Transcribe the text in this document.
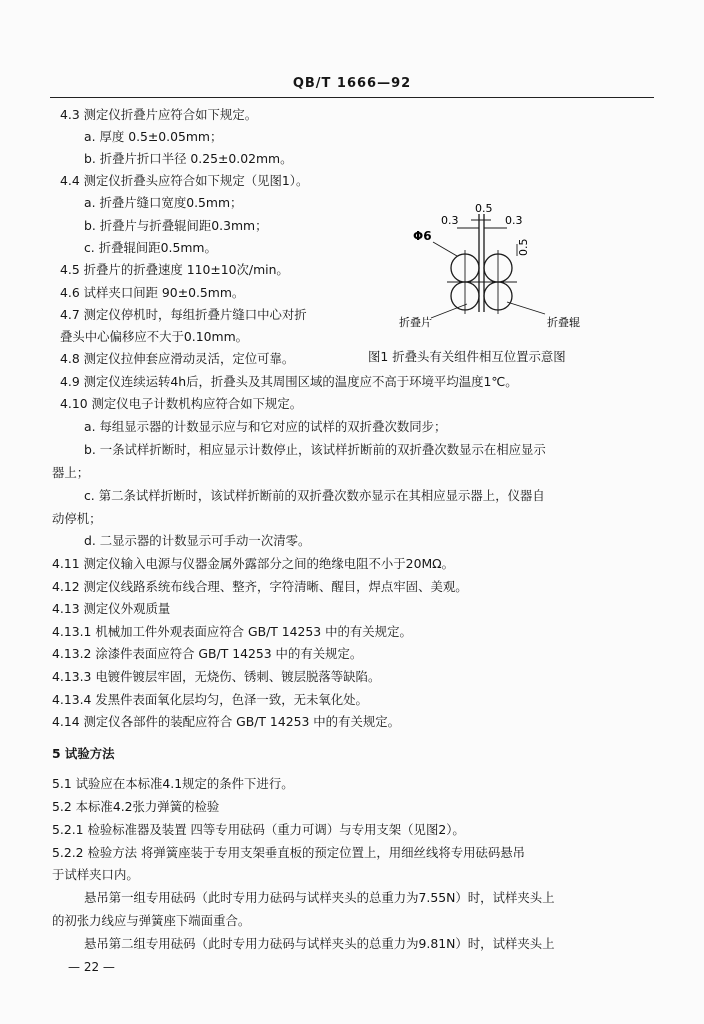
QB/T 1666—92
4.3 测定仪折叠片应符合如下规定。
a. 厚度 0.5±0.05mm；
b. 折叠片折口半径 0.25±0.02mm。
4.4 测定仪折叠头应符合如下规定（见图1）。
a. 折叠片缝口宽度0.5mm；
b. 折叠片与折叠辊间距0.3mm；
c. 折叠辊间距0.5mm。
4.5 折叠片的折叠速度 110±10次/min。
4.6 试样夹口间距 90±0.5mm。
4.7 测定仪停机时，每组折叠片缝口中心对折
叠头中心偏移应不大于0.10mm。
4.8 测定仪拉伸套应滑动灵活，定位可靠。
4.9 测定仪连续运转4h后，折叠头及其周围区域的温度应不高于环境平均温度1℃。
4.10 测定仪电子计数机构应符合如下规定。
a. 每组显示器的计数显示应与和它对应的试样的双折叠次数同步；
b. 一条试样折断时，相应显示计数停止，该试样折断前的双折叠次数显示在相应显示
器上；
c. 第二条试样折断时，该试样折断前的双折叠次数亦显示在其相应显示器上，仪器自
动停机；
d. 二显示器的计数显示可手动一次清零。
4.11 测定仪输入电源与仪器金属外露部分之间的绝缘电阻不小于20MΩ。
4.12 测定仪线路系统布线合理、整齐，字符清晰、醒目，焊点牢固、美观。
4.13 测定仪外观质量
4.13.1 机械加工件外观表面应符合 GB/T 14253 中的有关规定。
4.13.2 涂漆件表面应符合 GB/T 14253 中的有关规定。
4.13.3 电镀件镀层牢固，无烧伤、锈刺、镀层脱落等缺陷。
4.13.4 发黑件表面氧化层均匀，色泽一致，无未氧化处。
4.14 测定仪各部件的装配应符合 GB/T 14253 中的有关规定。
5 试验方法
5.1 试验应在本标准4.1规定的条件下进行。
5.2 本标准4.2张力弹簧的检验
5.2.1 检验标准器及装置 四等专用砝码（重力可调）与专用支架（见图2）。
5.2.2 检验方法 将弹簧座装于专用支架垂直板的预定位置上，用细丝线将专用砝码悬吊
于试样夹口内。
悬吊第一组专用砝码（此时专用力砝码与试样夹头的总重力为7.55N）时，试样夹头上
的初张力线应与弹簧座下端面重合。
悬吊第二组专用砝码（此时专用力砝码与试样夹头的总重力为9.81N）时，试样夹头上
0.5
0.3	0.3
0.5
Φ6
折叠片	折叠辊
图1 折叠头有关组件相互位置示意图
— 22 —
